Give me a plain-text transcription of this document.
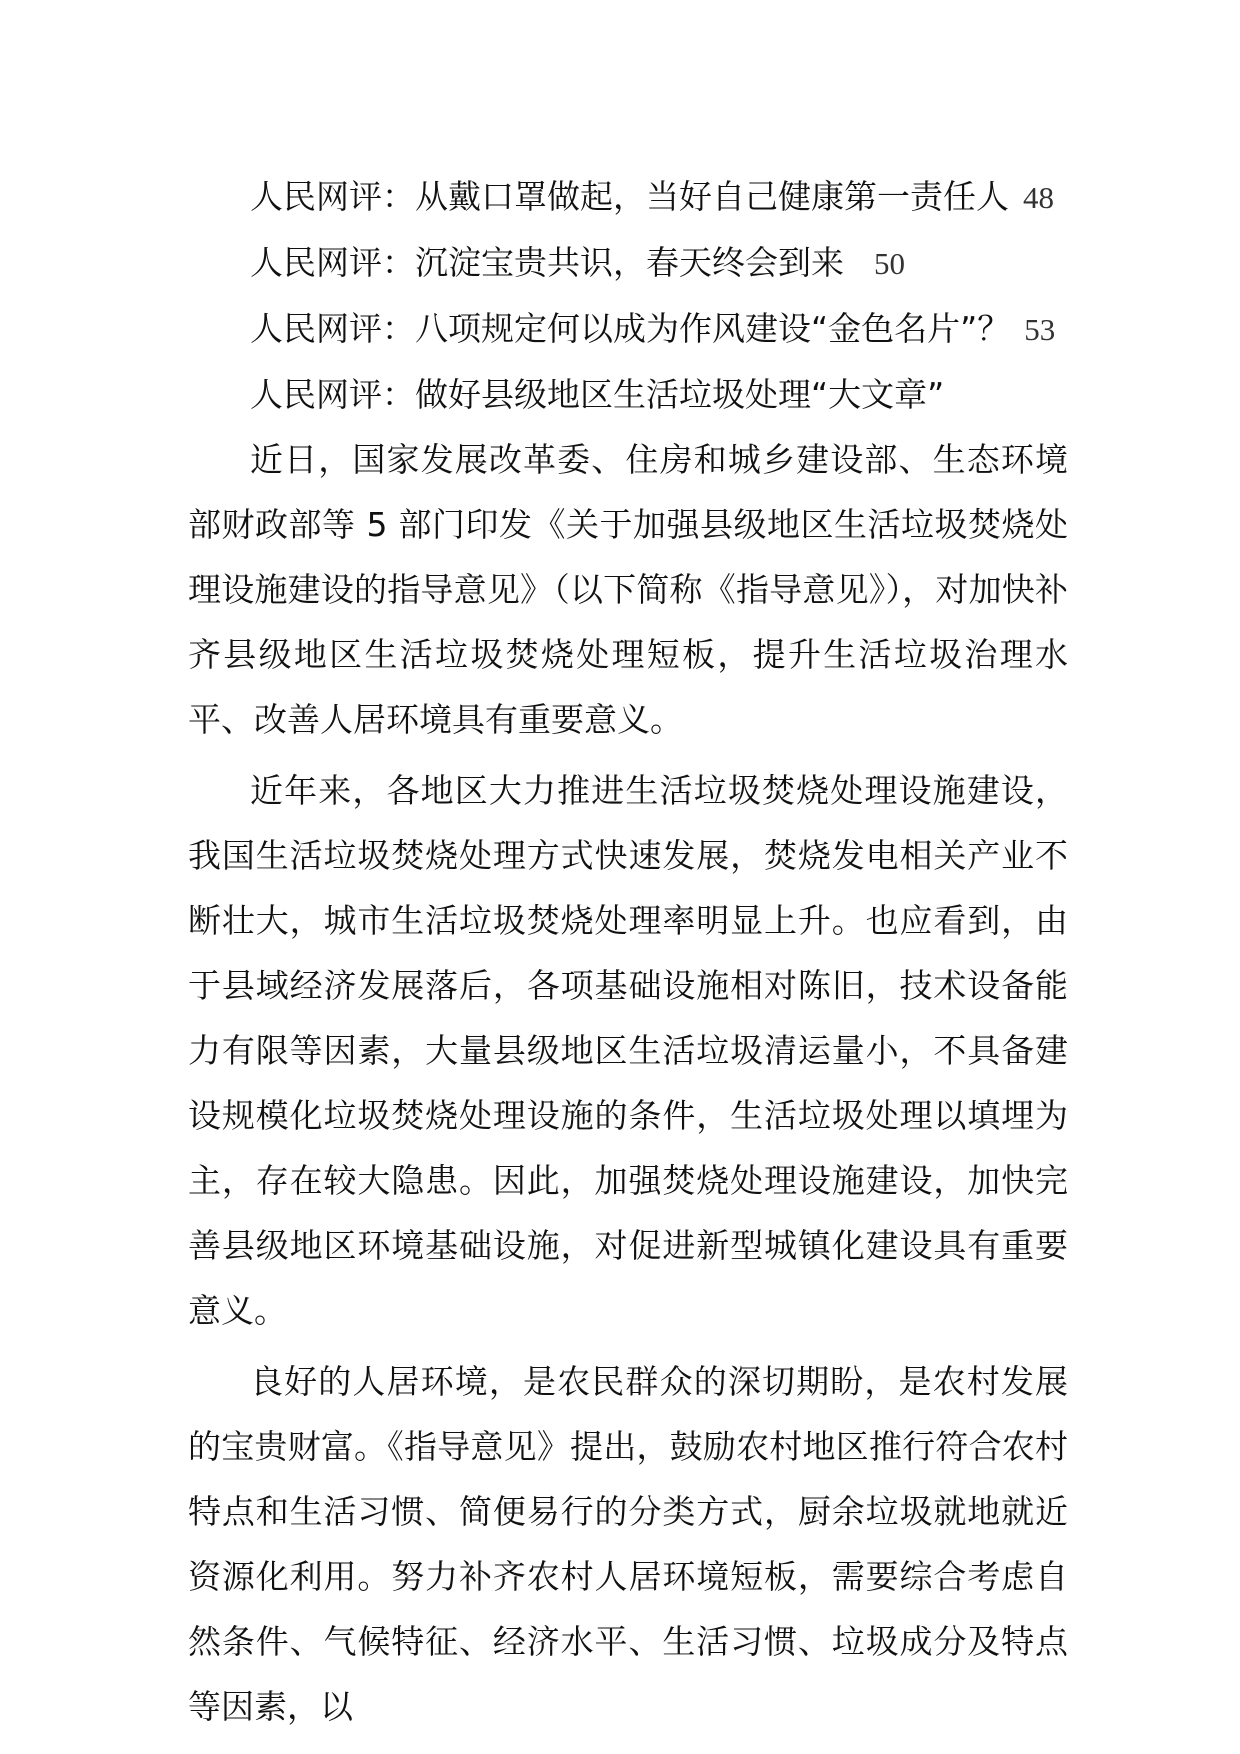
人民网评：从戴口罩做起，当好自己健康第一责任人 48

人民网评：沉淀宝贵共识，春天终会到来 50

人民网评：八项规定何以成为作风建设“金色名片”？ 53

人民网评：做好县级地区生活垃圾处理“大文章”

近日，国家发展改革委、住房和城乡建设部、生态环境部财政部等 5 部门印发《关于加强县级地区生活垃圾焚烧处理设施建设的指导意见》（以下简称《指导意见》），对加快补齐县级地区生活垃圾焚烧处理短板，提升生活垃圾治理水平、改善人居环境具有重要意义。

近年来，各地区大力推进生活垃圾焚烧处理设施建设，我国生活垃圾焚烧处理方式快速发展，焚烧发电相关产业不断壮大，城市生活垃圾焚烧处理率明显上升。也应看到，由于县域经济发展落后，各项基础设施相对陈旧，技术设备能力有限等因素，大量县级地区生活垃圾清运量小，不具备建设规模化垃圾焚烧处理设施的条件，生活垃圾处理以填埋为主，存在较大隐患。因此，加强焚烧处理设施建设，加快完善县级地区环境基础设施，对促进新型城镇化建设具有重要意义。

良好的人居环境，是农民群众的深切期盼，是农村发展的宝贵财富。《指导意见》提出，鼓励农村地区推行符合农村特点和生活习惯、简便易行的分类方式，厨余垃圾就地就近资源化利用。努力补齐农村人居环境短板，需要综合考虑自然条件、气候特征、经济水平、生活习惯、垃圾成分及特点等因素，以
